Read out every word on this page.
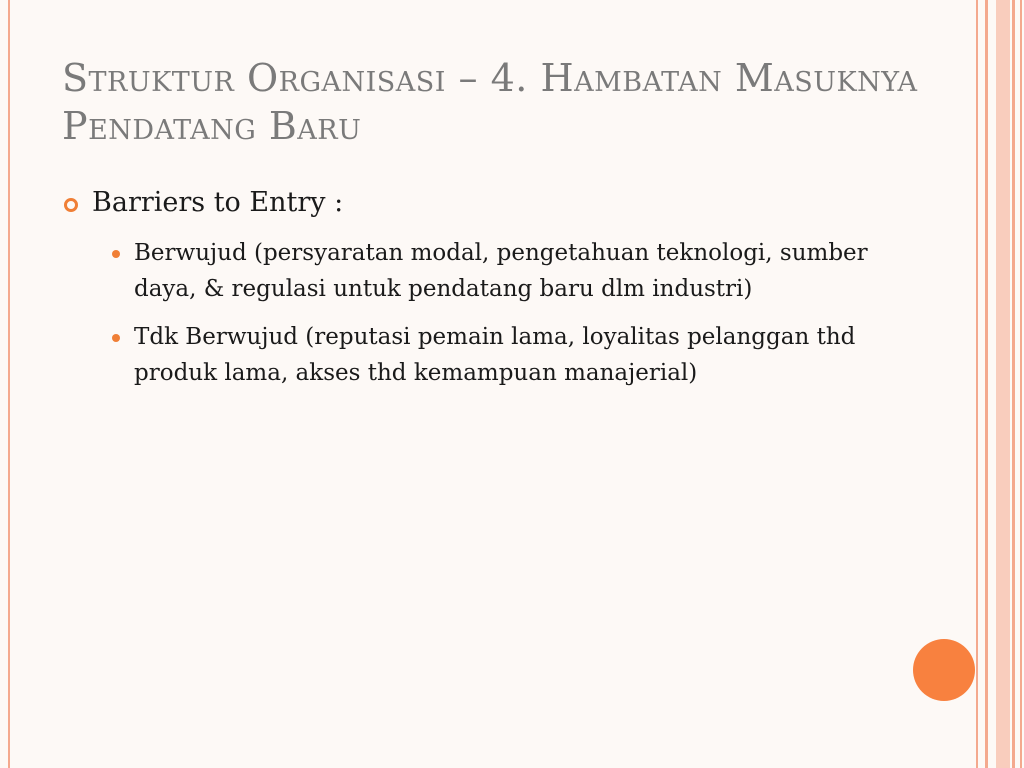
Struktur Organisasi – 4. Hambatan Masuknya Pendatang Baru
Barriers to Entry :
Berwujud (persyaratan modal, pengetahuan teknologi, sumber daya, & regulasi untuk pendatang baru dlm industri)
Tdk Berwujud (reputasi pemain lama, loyalitas pelanggan thd produk lama, akses thd kemampuan manajerial)
